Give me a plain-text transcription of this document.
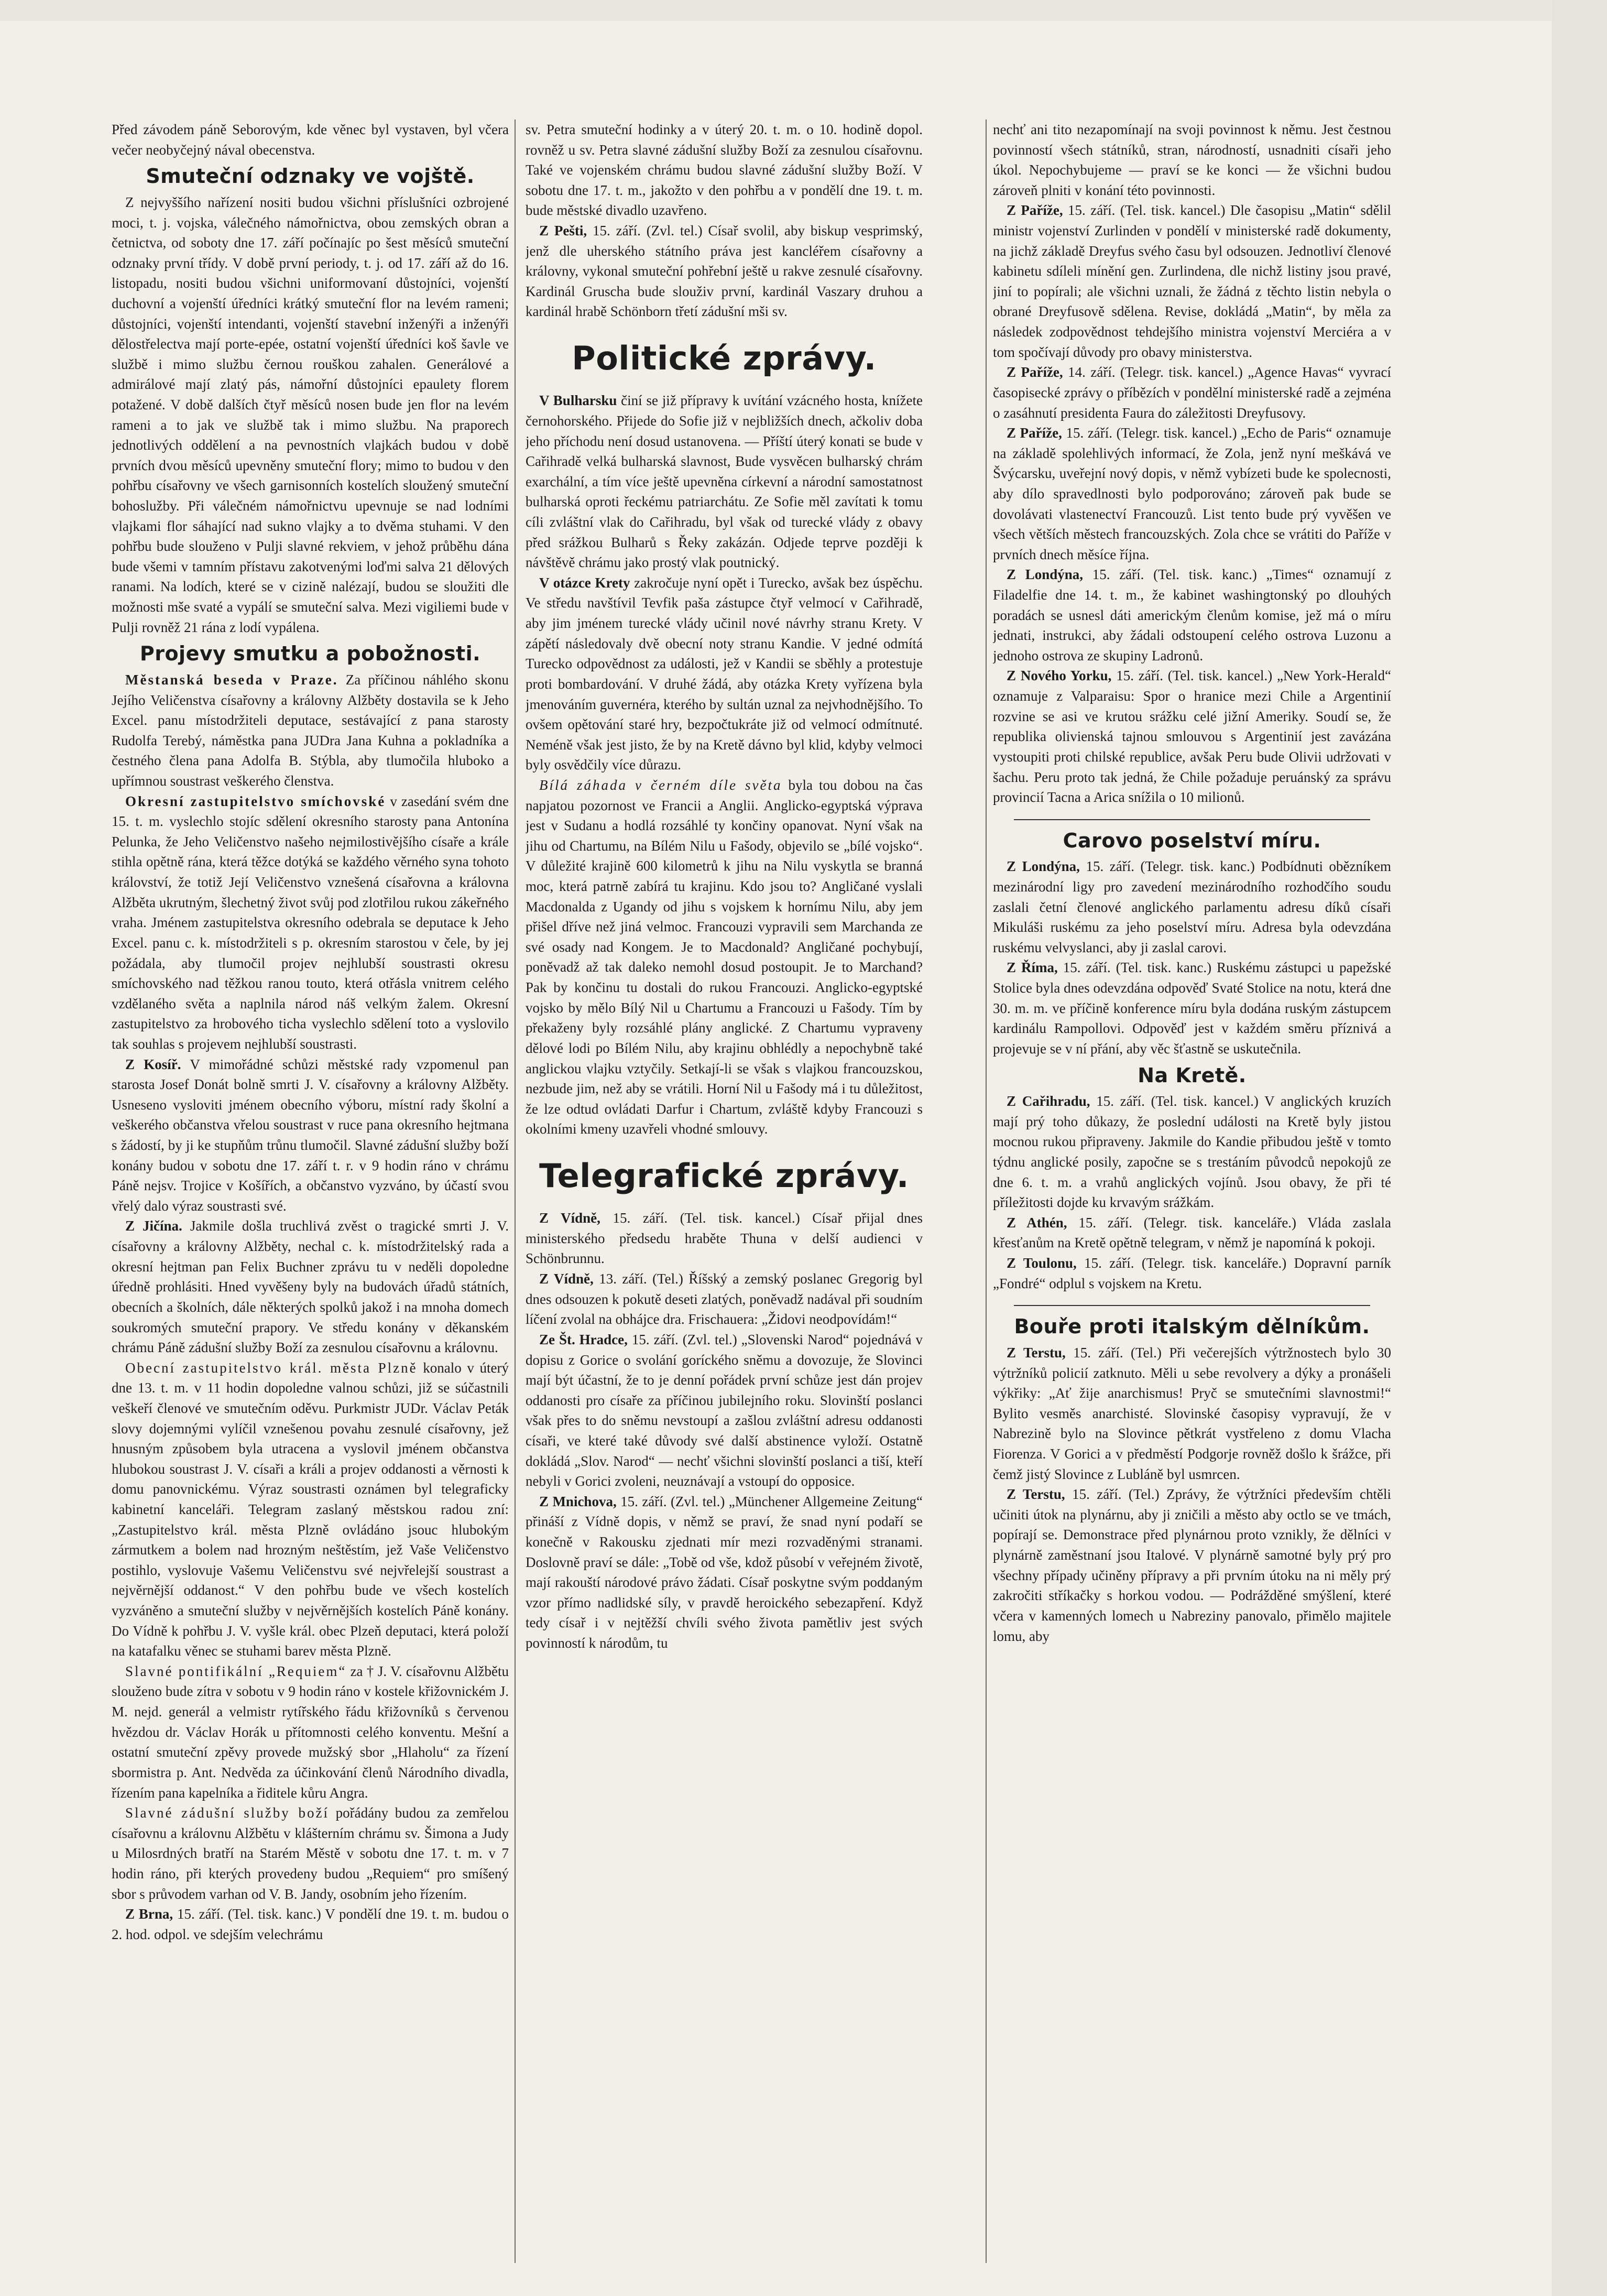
Před závodem páně Seborovým, kde věnec byl vystaven, byl včera večer neobyčejný nával obecenstva.

Smuteční odznaky ve vojště.

Z nejvyššího nařízení nositi budou všichni příslušníci ozbrojené moci, t. j. vojska, válečného námořnictva, obou zemských obran a četnictva, od soboty dne 17. září počínajíc po šest měsíců smuteční odznaky první třídy. V době první periody, t. j. od 17. září až do 16. listopadu, nositi budou všichni uniformovaní důstojníci, vojenští duchovní a vojenští úředníci krátký smuteční flor na levém rameni; důstojníci, vojenští intendanti, vojenští stavební inženýři a inženýři dělostřelectva mají porte-epée, ostatní vojenští úředníci koš šavle ve službě i mimo službu černou rouškou zahalen. Generálové a admirálové mají zlatý pás, námořní důstojníci epaulety florem potažené. V době dalších čtyř měsíců nosen bude jen flor na levém rameni a to jak ve službě tak i mimo službu. Na praporech jednotlivých oddělení a na pevnostních vlajkách budou v době prvních dvou měsíců upevněny smuteční flory; mimo to budou v den pohřbu císařovny ve všech garnisonních kostelích sloužený smuteční bohoslužby. Při válečném námořnictvu upevnuje se nad lodními vlajkami flor sáhající nad sukno vlajky a to dvěma stuhami. V den pohřbu bude slouženo v Pulji slavné rekviem, v jehož průběhu dána bude všemi v tamním přístavu zakotvenými loďmi salva 21 dělových ranami. Na lodích, které se v cizině nalézají, budou se sloužiti dle možnosti mše svaté a vypálí se smuteční salva. Mezi vigiliemi bude v Pulji rovněž 21 rána z lodí vypálena.

Projevy smutku a pobožnosti.

Městanská beseda v Praze. Za příčinou náhlého skonu Jejího Veličenstva císařovny a královny Alžběty dostavila se k Jeho Excel. panu místodržiteli deputace, sestávající z pana starosty Rudolfa Terebý, náměstka pana JUDra Jana Kuhna a pokladníka a čestného člena pana Adolfa B. Stýbla, aby tlumočila hluboko a upřímnou soustrast veškerého členstva.

Okresní zastupitelstvo smíchovské v zasedání svém dne 15. t. m. vyslechlo stojíc sdělení okresního starosty pana Antonína Pelunka, že Jeho Veličenstvo našeho nejmilostivějšího císaře a krále stihla opětně rána, která těžce dotýká se každého věrného syna tohoto království, že totiž Její Veličenstvo vznešená císařovna a královna Alžběta ukrutným, šlechetný život svůj pod zlotřilou rukou zákeřného vraha. Jménem zastupitelstva okresního odebrala se deputace k Jeho Excel. panu c. k. místodržiteli s p. okresním starostou v čele, by jej požádala, aby tlumočil projev nejhlubší soustrasti okresu smíchovského nad těžkou ranou touto, která otřásla vnitrem celého vzdělaného světa a naplnila národ náš velkým žalem. Okresní zastupitelstvo za hrobového ticha vyslechlo sdělení toto a vyslovilo tak souhlas s projevem nejhlubší soustrasti.

Z Kosíř. V mimořádné schůzi městské rady vzpomenul pan starosta Josef Donát bolně smrti J. V. císařovny a královny Alžběty. Usneseno vysloviti jménem obecního výboru, místní rady školní a veškerého občanstva vřelou soustrast v ruce pana okresního hejtmana s žádostí, by ji ke stupňům trůnu tlumočil. Slavné zádušní služby boží konány budou v sobotu dne 17. září t. r. v 9 hodin ráno v chrámu Páně nejsv. Trojice v Košířích, a občanstvo vyzváno, by účastí svou vřelý dalo výraz soustrasti své.

Z Jičína. Jakmile došla truchlivá zvěst o tragické smrti J. V. císařovny a královny Alžběty, nechal c. k. místodržitelský rada a okresní hejtman pan Felix Buchner zprávu tu v neděli dopoledne úředně prohlásiti. Hned vyvěšeny byly na budovách úřadů státních, obecních a školních, dále některých spolků jakož i na mnoha domech soukromých smuteční prapory. Ve středu konány v děkanském chrámu Páně zádušní služby Boží za zesnulou císařovnu a královnu.

Obecní zastupitelstvo král. města Plzně konalo v úterý dne 13. t. m. v 11 hodin dopoledne valnou schůzi, již se súčastnili veškeří členové ve smutečním oděvu. Purkmistr JUDr. Václav Peták slovy dojemnými vylíčil vznešenou povahu zesnulé císařovny, jež hnusným způsobem byla utracena a vyslovil jménem občanstva hlubokou soustrast J. V. císaři a králi a projev oddanosti a věrnosti k domu panovnickému. Výraz soustrasti oznámen byl telegraficky kabinetní kanceláři. Telegram zaslaný městskou radou zní: „Zastupitelstvo král. města Plzně ovládáno jsouc hlubokým zármutkem a bolem nad hrozným neštěstím, jež Vaše Veličenstvo postihlo, vyslovuje Vašemu Veličenstvu své nejvřelejší soustrast a nejvěrnější oddanost.“ V den pohřbu bude ve všech kostelích vyzváněno a smuteční služby v nejvěrnějších kostelích Páně konány. Do Vídně k pohřbu J. V. vyšle král. obec Plzeň deputaci, která položí na katafalku věnec se stuhami barev města Plzně.

Slavné pontifikální „Requiem“ za † J. V. císařovnu Alžbětu slouženo bude zítra v sobotu v 9 hodin ráno v kostele křižovnickém J. M. nejd. generál a velmistr rytířského řádu křižovníků s červenou hvězdou dr. Václav Horák u přítomnosti celého konventu. Mešní a ostatní smuteční zpěvy provede mužský sbor „Hlaholu“ za řízení sbormistra p. Ant. Nedvěda za účinkování členů Národního divadla, řízením pana kapelníka a řiditele kůru Angra.

Slavné zádušní služby boží pořádány budou za zemřelou císařovnu a královnu Alžbětu v klášterním chrámu sv. Šimona a Judy u Milosrdných bratří na Starém Městě v sobotu dne 17. t. m. v 7 hodin ráno, při kterých provedeny budou „Requiem“ pro smíšený sbor s průvodem varhan od V. B. Jandy, osobním jeho řízením.

Z Brna, 15. září. (Tel. tisk. kanc.) V pondělí dne 19. t. m. budou o 2. hod. odpol. ve sdejším velechrámu

sv. Petra smuteční hodinky a v úterý 20. t. m. o 10. hodině dopol. rovněž u sv. Petra slavné zádušní služby Boží za zesnulou císařovnu. Také ve vojenském chrámu budou slavné zádušní služby Boží. V sobotu dne 17. t. m., jakožto v den pohřbu a v pondělí dne 19. t. m. bude městské divadlo uzavřeno.

Z Pešti, 15. září. (Zvl. tel.) Císař svolil, aby biskup vesprimský, jenž dle uherského státního práva jest kancléřem císařovny a královny, vykonal smuteční pohřební ještě u rakve zesnulé císařovny. Kardinál Gruscha bude slouživ první, kardinál Vaszary druhou a kardinál hrabě Schönborn třetí zádušní mši sv.

Politické zprávy.

V Bulharsku činí se již přípravy k uvítání vzácného hosta, knížete černohorského. Přijede do Sofie již v nejbližších dnech, ačkoliv doba jeho příchodu není dosud ustanovena. — Příští úterý konati se bude v Cařihradě velká bulharská slavnost, Bude vysvěcen bulharský chrám exarchální, a tím více ještě upevněna církevní a národní samostatnost bulharská oproti řeckému patriarchátu. Ze Sofie měl zavítati k tomu cíli zvláštní vlak do Cařihradu, byl však od turecké vlády z obavy před srážkou Bulharů s Řeky zakázán. Odjede teprve později k návštěvě chrámu jako prostý vlak poutnický.

V otázce Krety zakročuje nyní opět i Turecko, avšak bez úspěchu. Ve středu navštívil Tevfik paša zástupce čtyř velmocí v Cařihradě, aby jim jménem turecké vlády učinil nové návrhy stranu Krety. V zápětí následovaly dvě obecní noty stranu Kandie. V jedné odmítá Turecko odpovědnost za události, jež v Kandii se sběhly a protestuje proti bombardování. V druhé žádá, aby otázka Krety vyřízena byla jmenováním guvernéra, kterého by sultán uznal za nejvhodnějšího. To ovšem opětování staré hry, bezpočtukráte již od velmocí odmítnuté. Neméně však jest jisto, že by na Kretě dávno byl klid, kdyby velmoci byly osvědčily více důrazu.

Bílá záhada v černém díle světa byla tou dobou na čas napjatou pozornost ve Francii a Anglii. Anglicko-egyptská výprava jest v Sudanu a hodlá rozsáhlé ty končiny opanovat. Nyní však na jihu od Chartumu, na Bílém Nilu u Fašody, objevilo se „bílé vojsko“. V důležité krajině 600 kilometrů k jihu na Nilu vyskytla se branná moc, která patrně zabírá tu krajinu. Kdo jsou to? Angličané vyslali Macdonalda z Ugandy od jihu s vojskem k hornímu Nilu, aby jem přišel dříve než jiná velmoc. Francouzi vypravili sem Marchanda ze své osady nad Kongem. Je to Macdonald? Angličané pochybují, poněvadž až tak daleko nemohl dosud postoupit. Je to Marchand? Pak by končinu tu dostali do rukou Francouzi. Anglicko-egyptské vojsko by mělo Bílý Nil u Chartumu a Francouzi u Fašody. Tím by překaženy byly rozsáhlé plány anglické. Z Chartumu vypraveny dělové lodi po Bílém Nilu, aby krajinu obhlédly a nepochybně také anglickou vlajku vztyčily. Setkají-li se však s vlajkou francouzskou, nezbude jim, než aby se vrátili. Horní Nil u Fašody má i tu důležitost, že lze odtud ovládati Darfur i Chartum, zvláště kdyby Francouzi s okolními kmeny uzavřeli vhodné smlouvy.

Telegrafické zprávy.

Z Vídně, 15. září. (Tel. tisk. kancel.) Císař přijal dnes ministerského předsedu hraběte Thuna v delší audienci v Schönbrunnu.

Z Vídně, 13. září. (Tel.) Říšský a zemský poslanec Gregorig byl dnes odsouzen k pokutě deseti zlatých, poněvadž nadával při soudním líčení zvolal na obhájce dra. Frischauera: „Židovi neodpovídám!“

Ze Št. Hradce, 15. září. (Zvl. tel.) „Slovenski Narod“ pojednává v dopisu z Gorice o svolání goríckého sněmu a dovozuje, že Slovinci mají být účastní, že to je denní pořádek první schůze jest dán projev oddanosti pro císaře za příčinou jubilejního roku. Slovinští poslanci však přes to do sněmu nevstoupí a zašlou zvláštní adresu oddanosti císaři, ve které také důvody své další abstinence vyloží. Ostatně dokládá „Slov. Narod“ — nechť všichni slovinští poslanci a tiší, kteří nebyli v Gorici zvoleni, neuznávají a vstoupí do opposice.

Z Mnichova, 15. září. (Zvl. tel.) „Münchener Allgemeine Zeitung“ přináší z Vídně dopis, v němž se praví, že snad nyní podaří se konečně v Rakousku zjednati mír mezi rozvaděnými stranami. Doslovně praví se dále: „Tobě od vše, kdož působí v veřejném životě, mají rakouští národové právo žádati. Císař poskytne svým poddaným vzor přímo nadlidské síly, v pravdě heroického sebezapření. Když tedy císař i v nejtěžší chvíli svého života pamětliv jest svých povinností k národům, tu

nechť ani tito nezapomínají na svoji povinnost k němu. Jest čestnou povinností všech státníků, stran, národností, usnadniti císaři jeho úkol. Nepochybujeme — praví se ke konci — že všichni budou zároveň plniti v konání této povinnosti.

Z Paříže, 15. září. (Tel. tisk. kancel.) Dle časopisu „Matin“ sdělil ministr vojenství Zurlinden v pondělí v ministerské radě dokumenty, na jichž základě Dreyfus svého času byl odsouzen. Jednotliví členové kabinetu sdíleli mínění gen. Zurlindena, dle nichž listiny jsou pravé, jiní to popírali; ale všichni uznali, že žádná z těchto listin nebyla o obrané Dreyfusově sdělena. Revise, dokládá „Matin“, by měla za následek zodpovědnost tehdejšího ministra vojenství Merciéra a v tom spočívají důvody pro obavy ministerstva.

Z Paříže, 14. září. (Telegr. tisk. kancel.) „Agence Havas“ vyvrací časopisecké zprávy o příbězích v pondělní ministerské radě a zejména o zasáhnutí presidenta Faura do záležitosti Dreyfusovy.

Z Paříže, 15. září. (Telegr. tisk. kancel.) „Echo de Paris“ oznamuje na základě spolehlivých informací, že Zola, jenž nyní meškává ve Švýcarsku, uveřejní nový dopis, v němž vybízeti bude ke spolecnosti, aby dílo spravedlnosti bylo podporováno; zároveň pak bude se dovolávati vlastenectví Francouzů. List tento bude prý vyvěšen ve všech větších městech francouzských. Zola chce se vrátiti do Paříže v prvních dnech měsíce října.

Z Londýna, 15. září. (Tel. tisk. kanc.) „Times“ oznamují z Filadelfie dne 14. t. m., že kabinet washingtonský po dlouhých poradách se usnesl dáti americkým členům komise, jež má o míru jednati, instrukci, aby žádali odstoupení celého ostrova Luzonu a jednoho ostrova ze skupiny Ladronů.

Z Nového Yorku, 15. září. (Tel. tisk. kancel.) „New York-Herald“ oznamuje z Valparaisu: Spor o hranice mezi Chile a Argentinií rozvine se asi ve krutou srážku celé jižní Ameriky. Soudí se, že republika olivienská tajnou smlouvou s Argentinií jest zavázána vystoupiti proti chilské republice, avšak Peru bude Olivii udržovati v šachu. Peru proto tak jedná, že Chile požaduje peruánský za správu provincií Tacna a Arica snížila o 10 milionů.

Carovo poselství míru.

Z Londýna, 15. září. (Telegr. tisk. kanc.) Podbídnuti obězníkem mezinárodní ligy pro zavedení mezinárodního rozhodčího soudu zaslali četní členové anglického parlamentu adresu díků císaři Mikuláši ruskému za jeho poselství míru. Adresa byla odevzdána ruskému velvyslanci, aby ji zaslal carovi.

Z Říma, 15. září. (Tel. tisk. kanc.) Ruskému zástupci u papežské Stolice byla dnes odevzdána odpověď Svaté Stolice na notu, která dne 30. m. m. ve příčině konference míru byla dodána ruským zástupcem kardinálu Rampollovi. Odpověď jest v každém směru příznivá a projevuje se v ní přání, aby věc šťastně se uskutečnila.

Na Kretě.

Z Cařihradu, 15. září. (Tel. tisk. kancel.) V anglických kruzích mají prý toho důkazy, že poslední události na Kretě byly jistou mocnou rukou připraveny. Jakmile do Kandie přibudou ještě v tomto týdnu anglické posily, započne se s trestáním původců nepokojů ze dne 6. t. m. a vrahů anglických vojínů. Jsou obavy, že při té příležitosti dojde ku krvavým srážkám.

Z Athén, 15. září. (Telegr. tisk. kanceláře.) Vláda zaslala křesťanům na Kretě opětně telegram, v němž je napomíná k pokoji.

Z Toulonu, 15. září. (Telegr. tisk. kanceláře.) Dopravní parník „Fondré“ odplul s vojskem na Kretu.

Bouře proti italským dělníkům.

Z Terstu, 15. září. (Tel.) Při večerejších výtržnostech bylo 30 výtržníků policií zatknuto. Měli u sebe revolvery a dýky a pronášeli výkřiky: „Ať žije anarchismus! Pryč se smutečními slavnostmi!“ Bylito vesměs anarchisté. Slovinské časopisy vypravují, že v Nabrezině bylo na Slovince pětkrát vystřeleno z domu Vlacha Fiorenza. V Gorici a v předměstí Podgorje rovněž došlo k šrážce, při čemž jistý Slovince z Lubláně byl usmrcen.

Z Terstu, 15. září. (Tel.) Zprávy, že výtržníci především chtěli učiniti útok na plynárnu, aby ji zničili a město aby octlo se ve tmách, popírají se. Demonstrace před plynárnou proto vznikly, že dělníci v plynárně zaměstnaní jsou Italové. V plynárně samotné byly prý pro všechny případy učiněny přípravy a při prvním útoku na ni měly prý zakročiti stříkačky s horkou vodou. — Podrážděné smýšlení, které včera v kamenných lomech u Nabreziny panovalo, přimělo majitele lomu, aby
